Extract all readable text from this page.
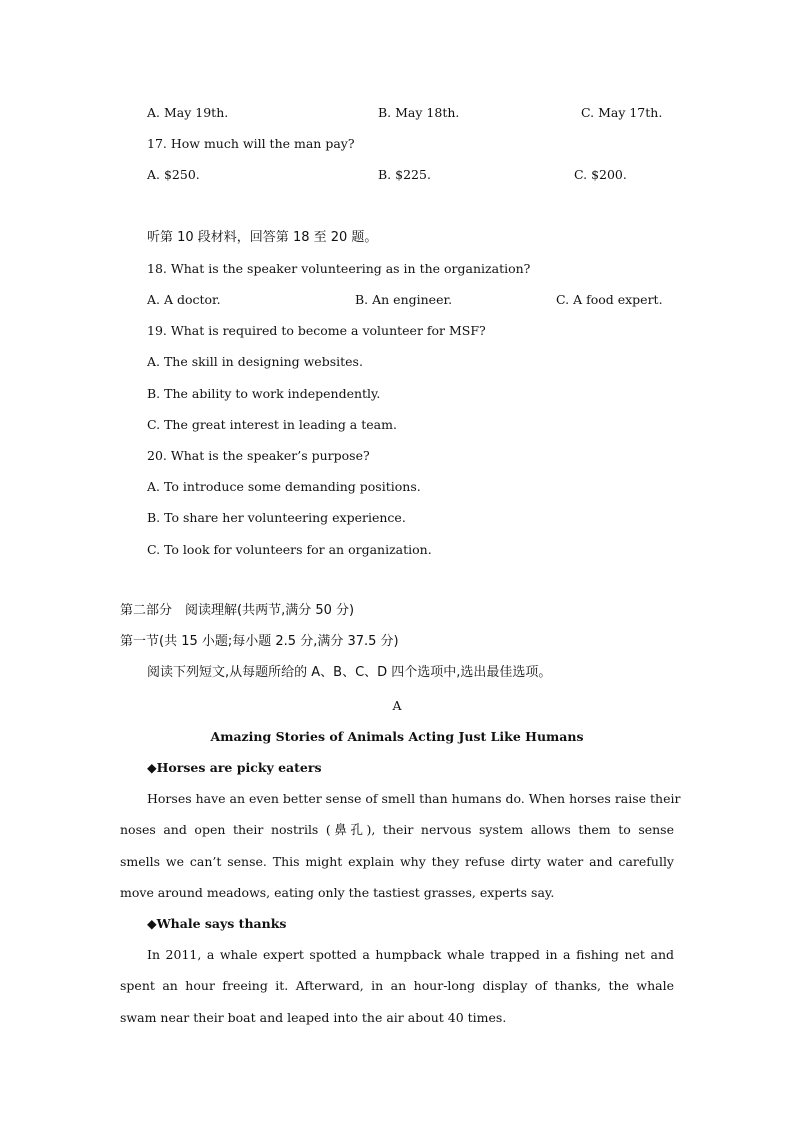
A. May 19th.	B. May 18th.	C. May 17th.
17. How much will the man pay?
A. $250.	B. $225.	C. $200.
听第 10 段材料，回答第 18 至 20 题。
18. What is the speaker volunteering as in the organization?
A. A doctor.	B. An engineer.	C. A food expert.
19. What is required to become a volunteer for MSF?
A. The skill in designing websites.
B. The ability to work independently.
C. The great interest in leading a team.
20. What is the speaker’s purpose?
A. To introduce some demanding positions.
B. To share her volunteering experience.
C. To look for volunteers for an organization.
第二部分　阅读理解(共两节,满分 50 分)
第一节(共 15 小题;每小题 2.5 分,满分 37.5 分)
阅读下列短文,从每题所给的 A、B、C、D 四个选项中,选出最佳选项。
A
Amazing Stories of Animals Acting Just Like Humans
◆Horses are picky eaters
Horses have an even better sense of smell than humans do. When horses raise their
noses and open their nostrils (鼻孔), their nervous system allows them to sense
smells we can’t sense. This might explain why they refuse dirty water and carefully
move around meadows, eating only the tastiest grasses, experts say.
◆Whale says thanks
In 2011, a whale expert spotted a humpback whale trapped in a fishing net and
spent an hour freeing it. Afterward, in an hour-long display of thanks, the whale
swam near their boat and leaped into the air about 40 times.
